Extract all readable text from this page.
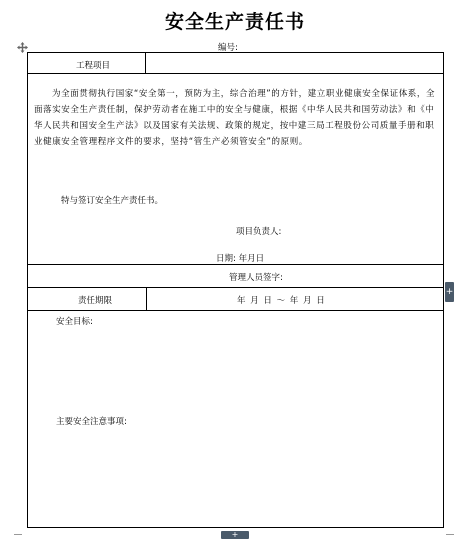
安全生产责任书
编号:
工程项目
为全面贯彻执行国家“安全第一，预防为主，综合治理”的方针，建立职业健康安全保证体系，全面落实安全生产责任制，保护劳动者在施工中的安全与健康，根据《中华人民共和国劳动法》和《中华人民共和国安全生产法》以及国家有关法规、政策的规定，按中建三局工程股份公司质量手册和职业健康安全管理程序文件的要求，坚持“管生产必须管安全”的原则。
特与签订安全生产责任书。
项目负责人:
日期: 年月日
管理人员签字:
责任期限	年 月 日 ～ 年 月 日
安全目标:
主要安全注意事项:
+
+
